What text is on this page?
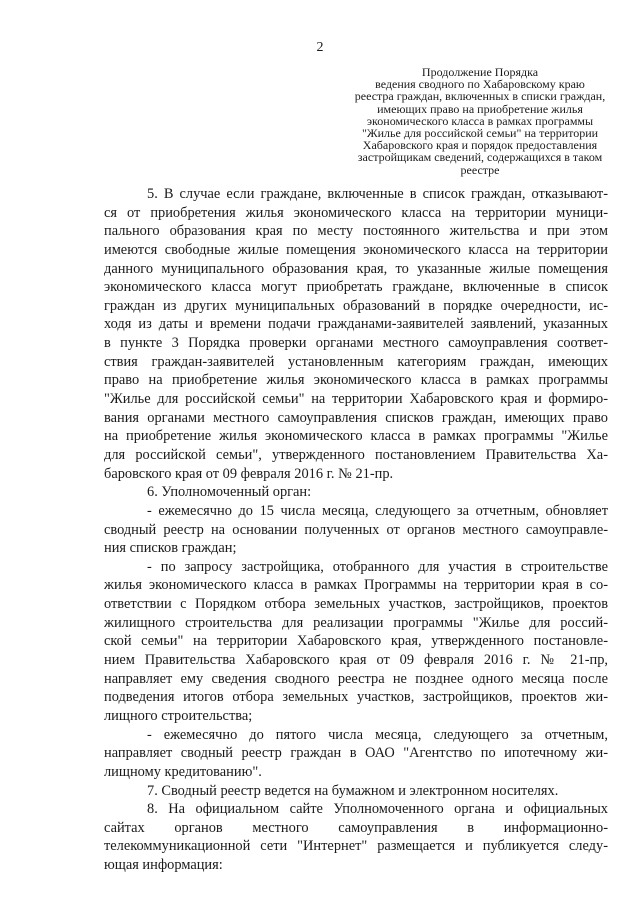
2
Продолжение Порядка
ведения сводного по Хабаровскому краю
реестра граждан, включенных в списки граждан,
имеющих право на приобретение жилья
экономического класса в рамках программы
"Жилье для российской семьи" на территории
Хабаровского края и порядок предоставления
застройщикам сведений, содержащихся в таком
реестре
5. В случае если граждане, включенные в список граждан, отказывают-
ся от приобретения жилья экономического класса на территории муници-
пального образования края по месту постоянного жительства и при этом
имеются свободные жилые помещения экономического класса на территории
данного муниципального образования края, то указанные жилые помещения
экономического класса могут приобретать граждане, включенные в список
граждан из других муниципальных образований в порядке очередности, ис-
ходя из даты и времени подачи гражданами-заявителей заявлений, указанных
в пункте 3 Порядка проверки органами местного самоуправления соответ-
ствия граждан-заявителей установленным категориям граждан, имеющих
право на приобретение жилья экономического класса в рамках программы
"Жилье для российской семьи" на территории Хабаровского края и формиро-
вания органами местного самоуправления списков граждан, имеющих право
на приобретение жилья экономического класса в рамках программы "Жилье
для российской семьи", утвержденного постановлением Правительства Ха-
баровского края от 09 февраля 2016 г. № 21-пр.
6. Уполномоченный орган:
- ежемесячно до 15 числа месяца, следующего за отчетным, обновляет
сводный реестр на основании полученных от органов местного самоуправле-
ния списков граждан;
- по запросу застройщика, отобранного для участия в строительстве
жилья экономического класса в рамках Программы на территории края в со-
ответствии с Порядком отбора земельных участков, застройщиков, проектов
жилищного строительства для реализации программы "Жилье для россий-
ской семьи" на территории Хабаровского края, утвержденного постановле-
нием Правительства Хабаровского края от 09 февраля 2016 г. № 21-пр,
направляет ему сведения сводного реестра не позднее одного месяца после
подведения итогов отбора земельных участков, застройщиков, проектов жи-
лищного строительства;
- ежемесячно до пятого числа месяца, следующего за отчетным,
направляет сводный реестр граждан в ОАО "Агентство по ипотечному жи-
лищному кредитованию".
7. Сводный реестр ведется на бумажном и электронном носителях.
8. На официальном сайте Уполномоченного органа и официальных
сайтах органов местного самоуправления в информационно-
телекоммуникационной сети "Интернет" размещается и публикуется следу-
ющая информация:
